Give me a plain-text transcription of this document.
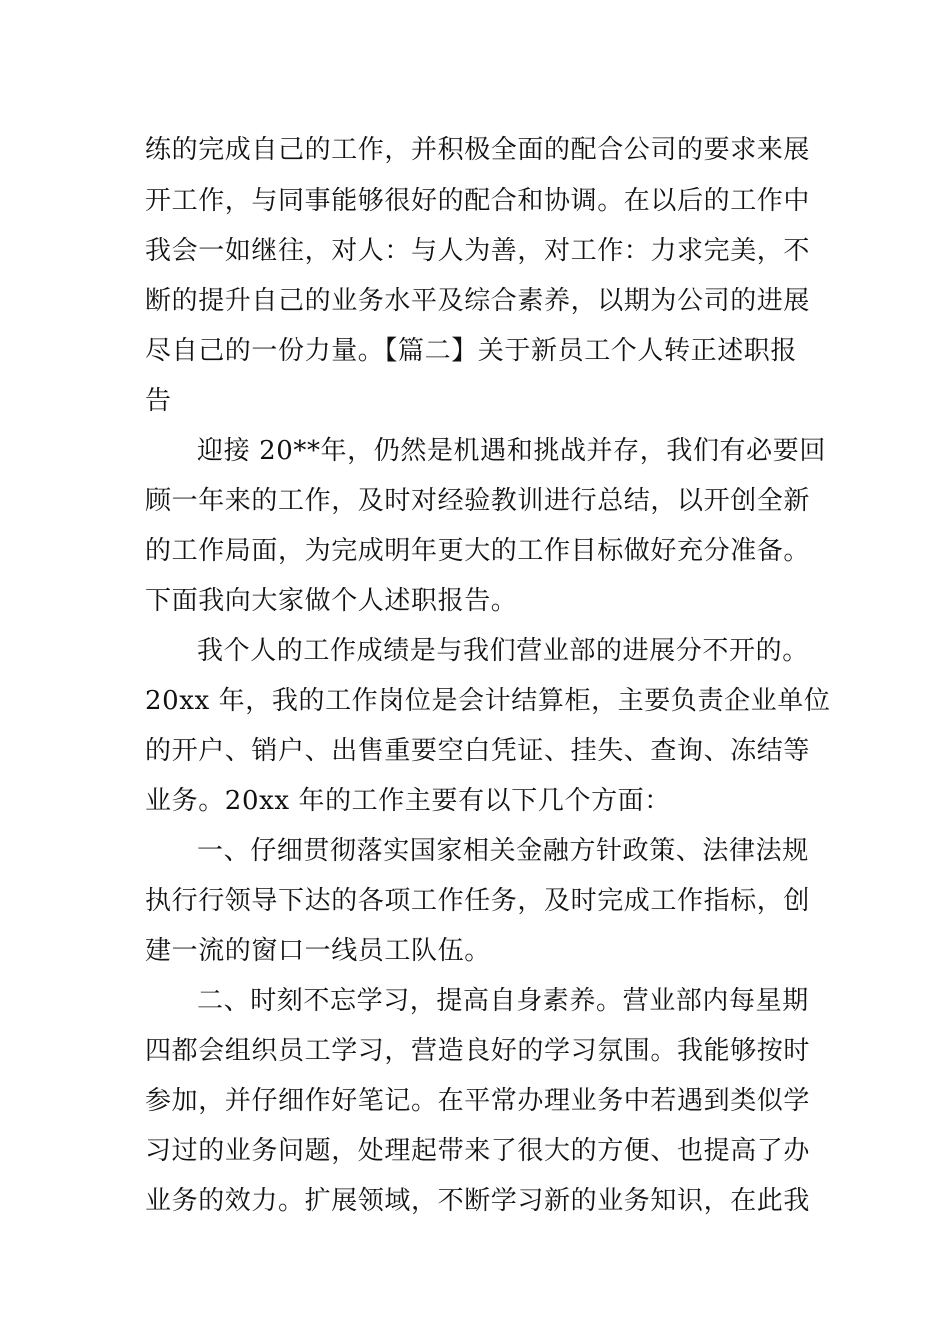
练的完成自己的工作，并积极全面的配合公司的要求来展
开工作，与同事能够很好的配合和协调。在以后的工作中
我会一如继往，对人：与人为善，对工作：力求完美，不
断的提升自己的业务水平及综合素养，以期为公司的进展
尽自己的一份力量。【篇二】关于新员工个人转正述职报
告
迎接 20**年，仍然是机遇和挑战并存，我们有必要回
顾一年来的工作，及时对经验教训进行总结，以开创全新
的工作局面，为完成明年更大的工作目标做好充分准备。
下面我向大家做个人述职报告。
我个人的工作成绩是与我们营业部的进展分不开的。
20xx 年，我的工作岗位是会计结算柜，主要负责企业单位
的开户、销户、出售重要空白凭证、挂失、查询、冻结等
业务。20xx 年的工作主要有以下几个方面：
一、仔细贯彻落实国家相关金融方针政策、法律法规
执行行领导下达的各项工作任务，及时完成工作指标，创
建一流的窗口一线员工队伍。
二、时刻不忘学习，提高自身素养。营业部内每星期
四都会组织员工学习，营造良好的学习氛围。我能够按时
参加，并仔细作好笔记。在平常办理业务中若遇到类似学
习过的业务问题，处理起带来了很大的方便、也提高了办
业务的效力。扩展领域，不断学习新的业务知识，在此我
